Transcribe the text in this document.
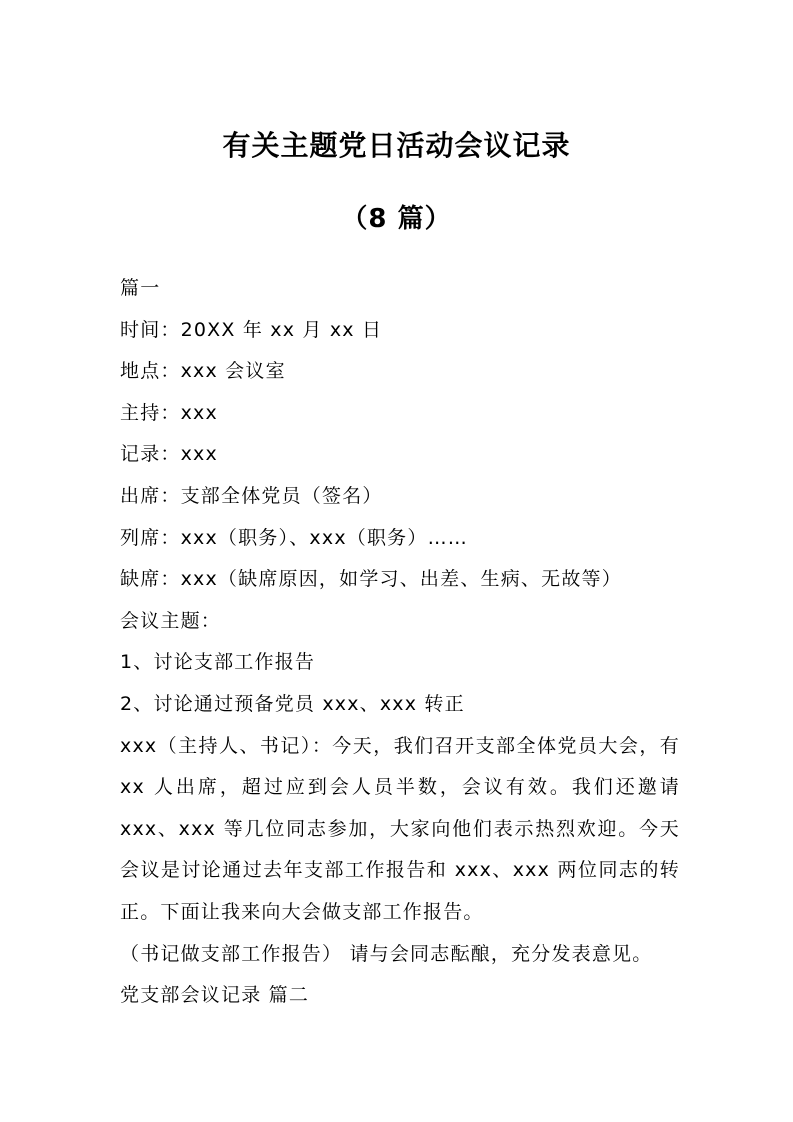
有关主题党日活动会议记录
（8 篇）

篇一

时间：20XX 年 xx 月 xx 日

地点：xxx 会议室

主持：xxx

记录：xxx

出席：支部全体党员（签名）

列席：xxx（职务）、xxx（职务）……

缺席：xxx（缺席原因，如学习、出差、生病、无故等）

会议主题：

1、讨论支部工作报告

2、讨论通过预备党员 xxx、xxx 转正

xxx（主持人、书记）：今天，我们召开支部全体党员大会，有 xx 人出席，超过应到会人员半数，会议有效。我们还邀请 xxx、xxx 等几位同志参加，大家向他们表示热烈欢迎。今天会议是讨论通过去年支部工作报告和 xxx、xxx 两位同志的转正。下面让我来向大会做支部工作报告。

（书记做支部工作报告） 请与会同志酝酿，充分发表意见。

党支部会议记录 篇二
